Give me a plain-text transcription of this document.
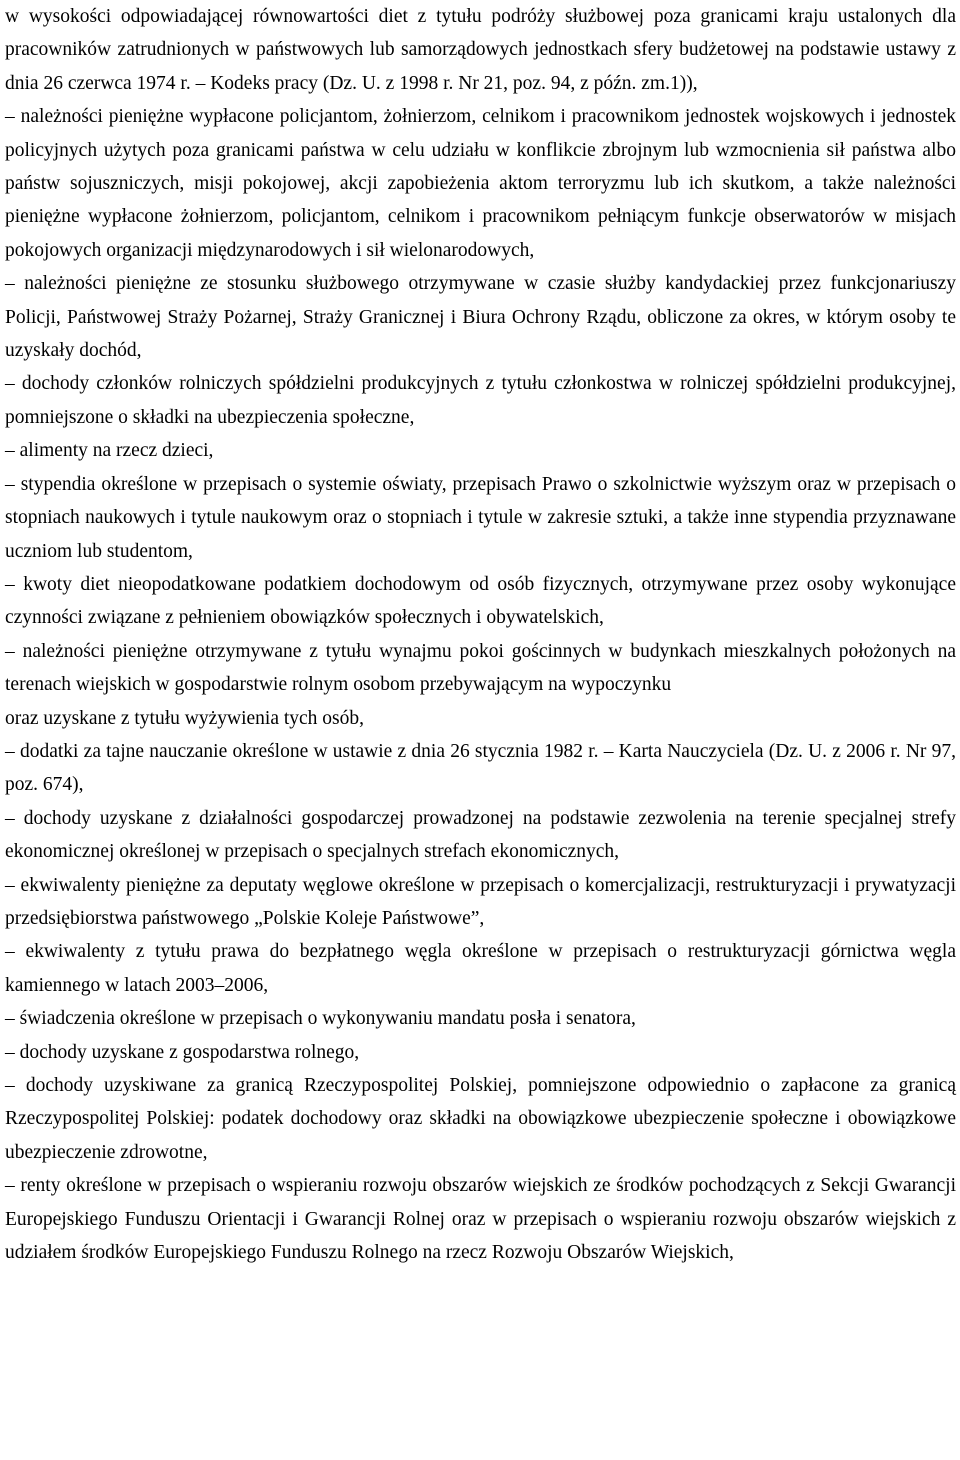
w wysokości odpowiadającej równowartości diet z tytułu podróży służbowej poza granicami kraju ustalonych dla pracowników zatrudnionych w państwowych lub samorządowych jednostkach sfery budżetowej na podstawie ustawy z dnia 26 czerwca 1974 r. – Kodeks pracy (Dz. U. z 1998 r. Nr 21, poz. 94, z późn. zm.1)),

– należności pieniężne wypłacone policjantom, żołnierzom, celnikom i pracownikom jednostek wojskowych i jednostek policyjnych użytych poza granicami państwa w celu udziału w konflikcie zbrojnym lub wzmocnienia sił państwa albo państw sojuszniczych, misji pokojowej, akcji zapobieżenia aktom terroryzmu lub ich skutkom, a także należności pieniężne wypłacone żołnierzom, policjantom, celnikom i pracownikom pełniącym funkcje obserwatorów w misjach pokojowych organizacji międzynarodowych i sił wielonarodowych,

– należności pieniężne ze stosunku służbowego otrzymywane w czasie służby kandydackiej przez funkcjonariuszy Policji, Państwowej Straży Pożarnej, Straży Granicznej i Biura Ochrony Rządu, obliczone za okres, w którym osoby te uzyskały dochód,

– dochody członków rolniczych spółdzielni produkcyjnych z tytułu członkostwa w rolniczej spółdzielni produkcyjnej, pomniejszone o składki na ubezpieczenia społeczne,

– alimenty na rzecz dzieci,

– stypendia określone w przepisach o systemie oświaty, przepisach Prawo o szkolnictwie wyższym oraz w przepisach o stopniach naukowych i tytule naukowym oraz o stopniach i tytule w zakresie sztuki, a także inne stypendia przyznawane uczniom lub studentom,

– kwoty diet nieopodatkowane podatkiem dochodowym od osób fizycznych, otrzymywane przez osoby wykonujące czynności związane z pełnieniem obowiązków społecznych i obywatelskich,

– należności pieniężne otrzymywane z tytułu wynajmu pokoi gościnnych w budynkach mieszkalnych położonych na terenach wiejskich w gospodarstwie rolnym osobom przebywającym na wypoczynku

oraz uzyskane z tytułu wyżywienia tych osób,

– dodatki za tajne nauczanie określone w ustawie z dnia 26 stycznia 1982 r. – Karta Nauczyciela (Dz. U. z 2006 r. Nr 97, poz. 674),

– dochody uzyskane z działalności gospodarczej prowadzonej na podstawie zezwolenia na terenie specjalnej strefy ekonomicznej określonej w przepisach o specjalnych strefach ekonomicznych,

– ekwiwalenty pieniężne za deputaty węglowe określone w przepisach o komercjalizacji, restrukturyzacji i prywatyzacji przedsiębiorstwa państwowego „Polskie Koleje Państwowe”,

– ekwiwalenty z tytułu prawa do bezpłatnego węgla określone w przepisach o restrukturyzacji górnictwa węgla kamiennego w latach 2003–2006,

– świadczenia określone w przepisach o wykonywaniu mandatu posła i senatora,

– dochody uzyskane z gospodarstwa rolnego,

– dochody uzyskiwane za granicą Rzeczypospolitej Polskiej, pomniejszone odpowiednio o zapłacone za granicą Rzeczypospolitej Polskiej: podatek dochodowy oraz składki na obowiązkowe ubezpieczenie społeczne i obowiązkowe ubezpieczenie zdrowotne,

– renty określone w przepisach o wspieraniu rozwoju obszarów wiejskich ze środków pochodzących z Sekcji Gwarancji Europejskiego Funduszu Orientacji i Gwarancji Rolnej oraz w przepisach o wspieraniu rozwoju obszarów wiejskich z udziałem środków Europejskiego Funduszu Rolnego na rzecz Rozwoju Obszarów Wiejskich,
